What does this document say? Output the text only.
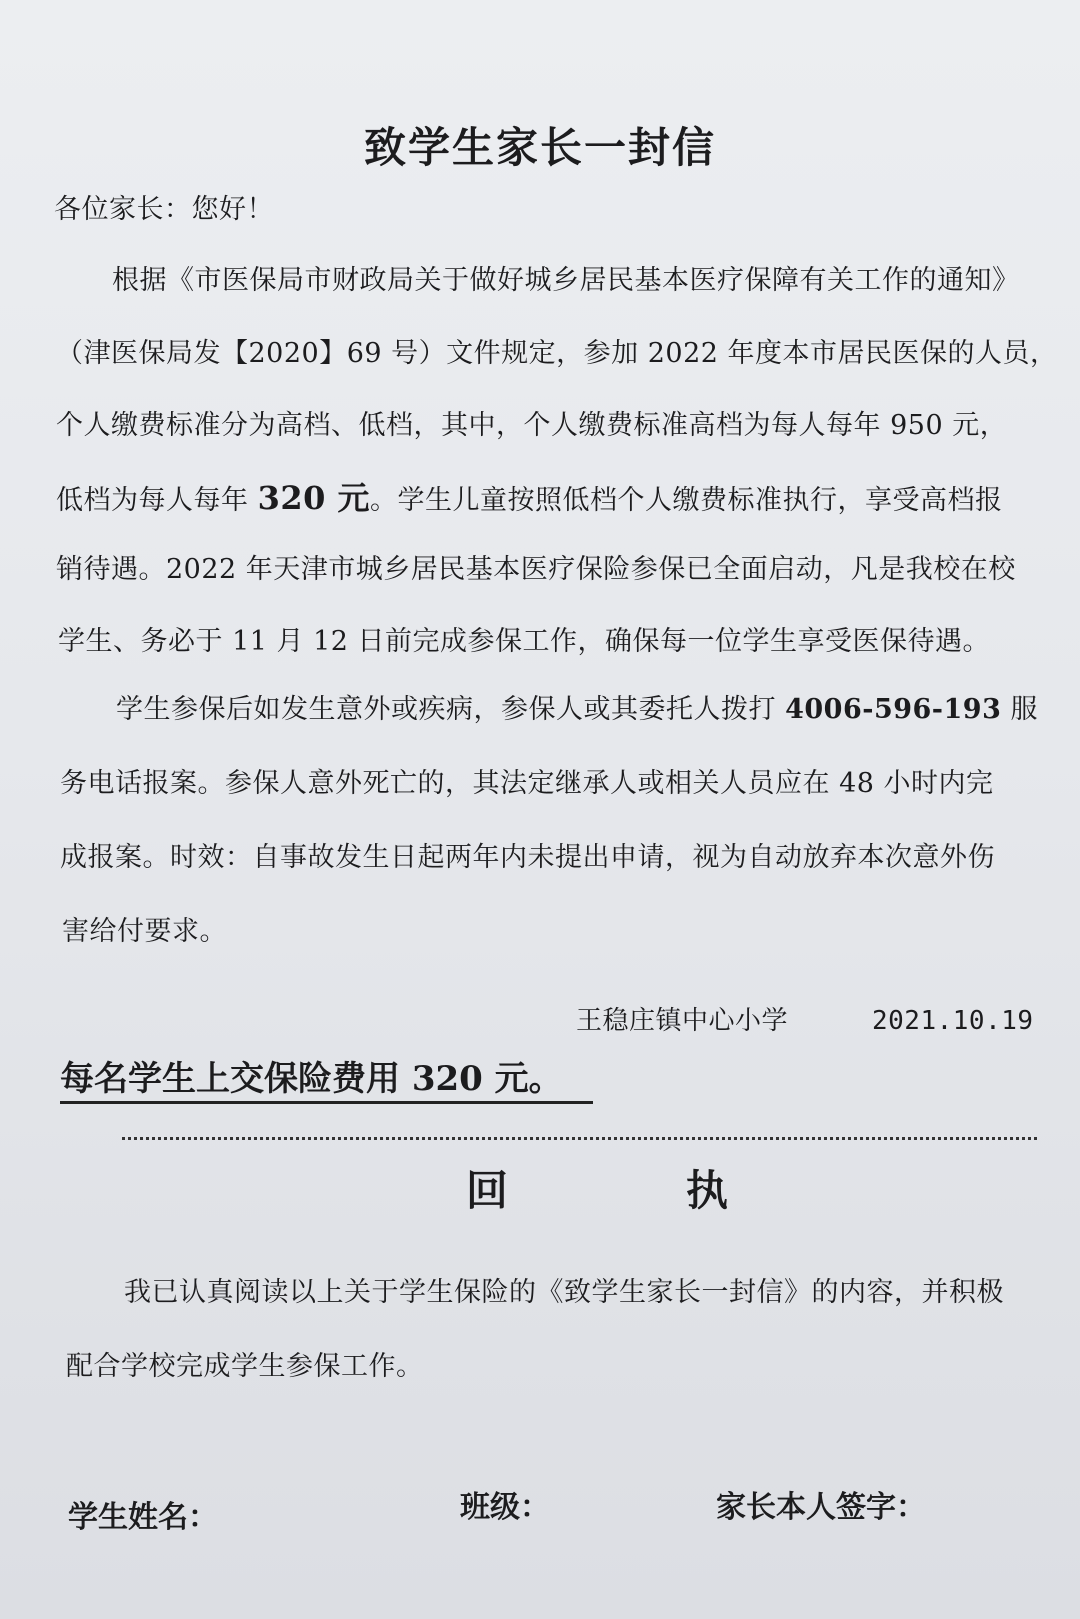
致学生家长一封信
各位家长：您好！
根据《市医保局市财政局关于做好城乡居民基本医疗保障有关工作的通知》
（津医保局发【2020】69 号）文件规定，参加 2022 年度本市居民医保的人员，
个人缴费标准分为高档、低档，其中，个人缴费标准高档为每人每年 950 元，
低档为每人每年 320 元。学生儿童按照低档个人缴费标准执行，享受高档报
销待遇。2022 年天津市城乡居民基本医疗保险参保已全面启动，凡是我校在校
学生、务必于 11 月 12 日前完成参保工作，确保每一位学生享受医保待遇。
学生参保后如发生意外或疾病，参保人或其委托人拨打 4006-596-193 服
务电话报案。参保人意外死亡的，其法定继承人或相关人员应在 48 小时内完
成报案。时效：自事故发生日起两年内未提出申请，视为自动放弃本次意外伤
害给付要求。
王稳庄镇中心小学	2021.10.19
每名学生上交保险费用 320 元。
回	执
我已认真阅读以上关于学生保险的《致学生家长一封信》的内容，并积极
配合学校完成学生参保工作。
学生姓名：	班级：	家长本人签字：
